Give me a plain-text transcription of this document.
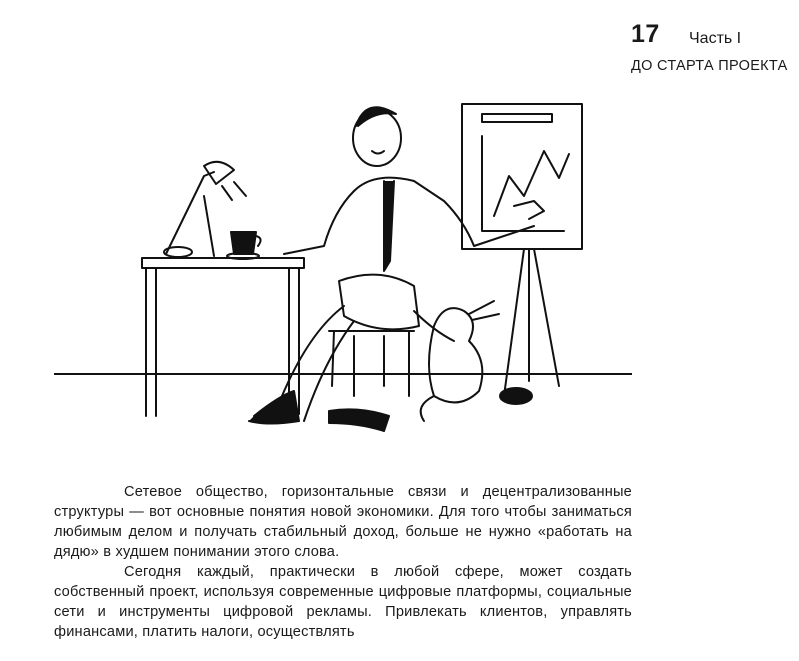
17 Часть I
ДО СТАРТА ПРОЕКТА

Сетевое общество, горизонтальные связи и децентрализованные структуры — вот основные понятия новой экономики. Для того чтобы заниматься любимым делом и получать стабильный доход, больше не нужно «работать на дядю» в худшем понимании этого слова.

Сегодня каждый, практически в любой сфере, может создать собственный проект, используя современные цифровые платформы, социальные сети и инструменты цифровой рекламы. Привлекать клиентов, управлять финансами, платить налоги, осуществлять
